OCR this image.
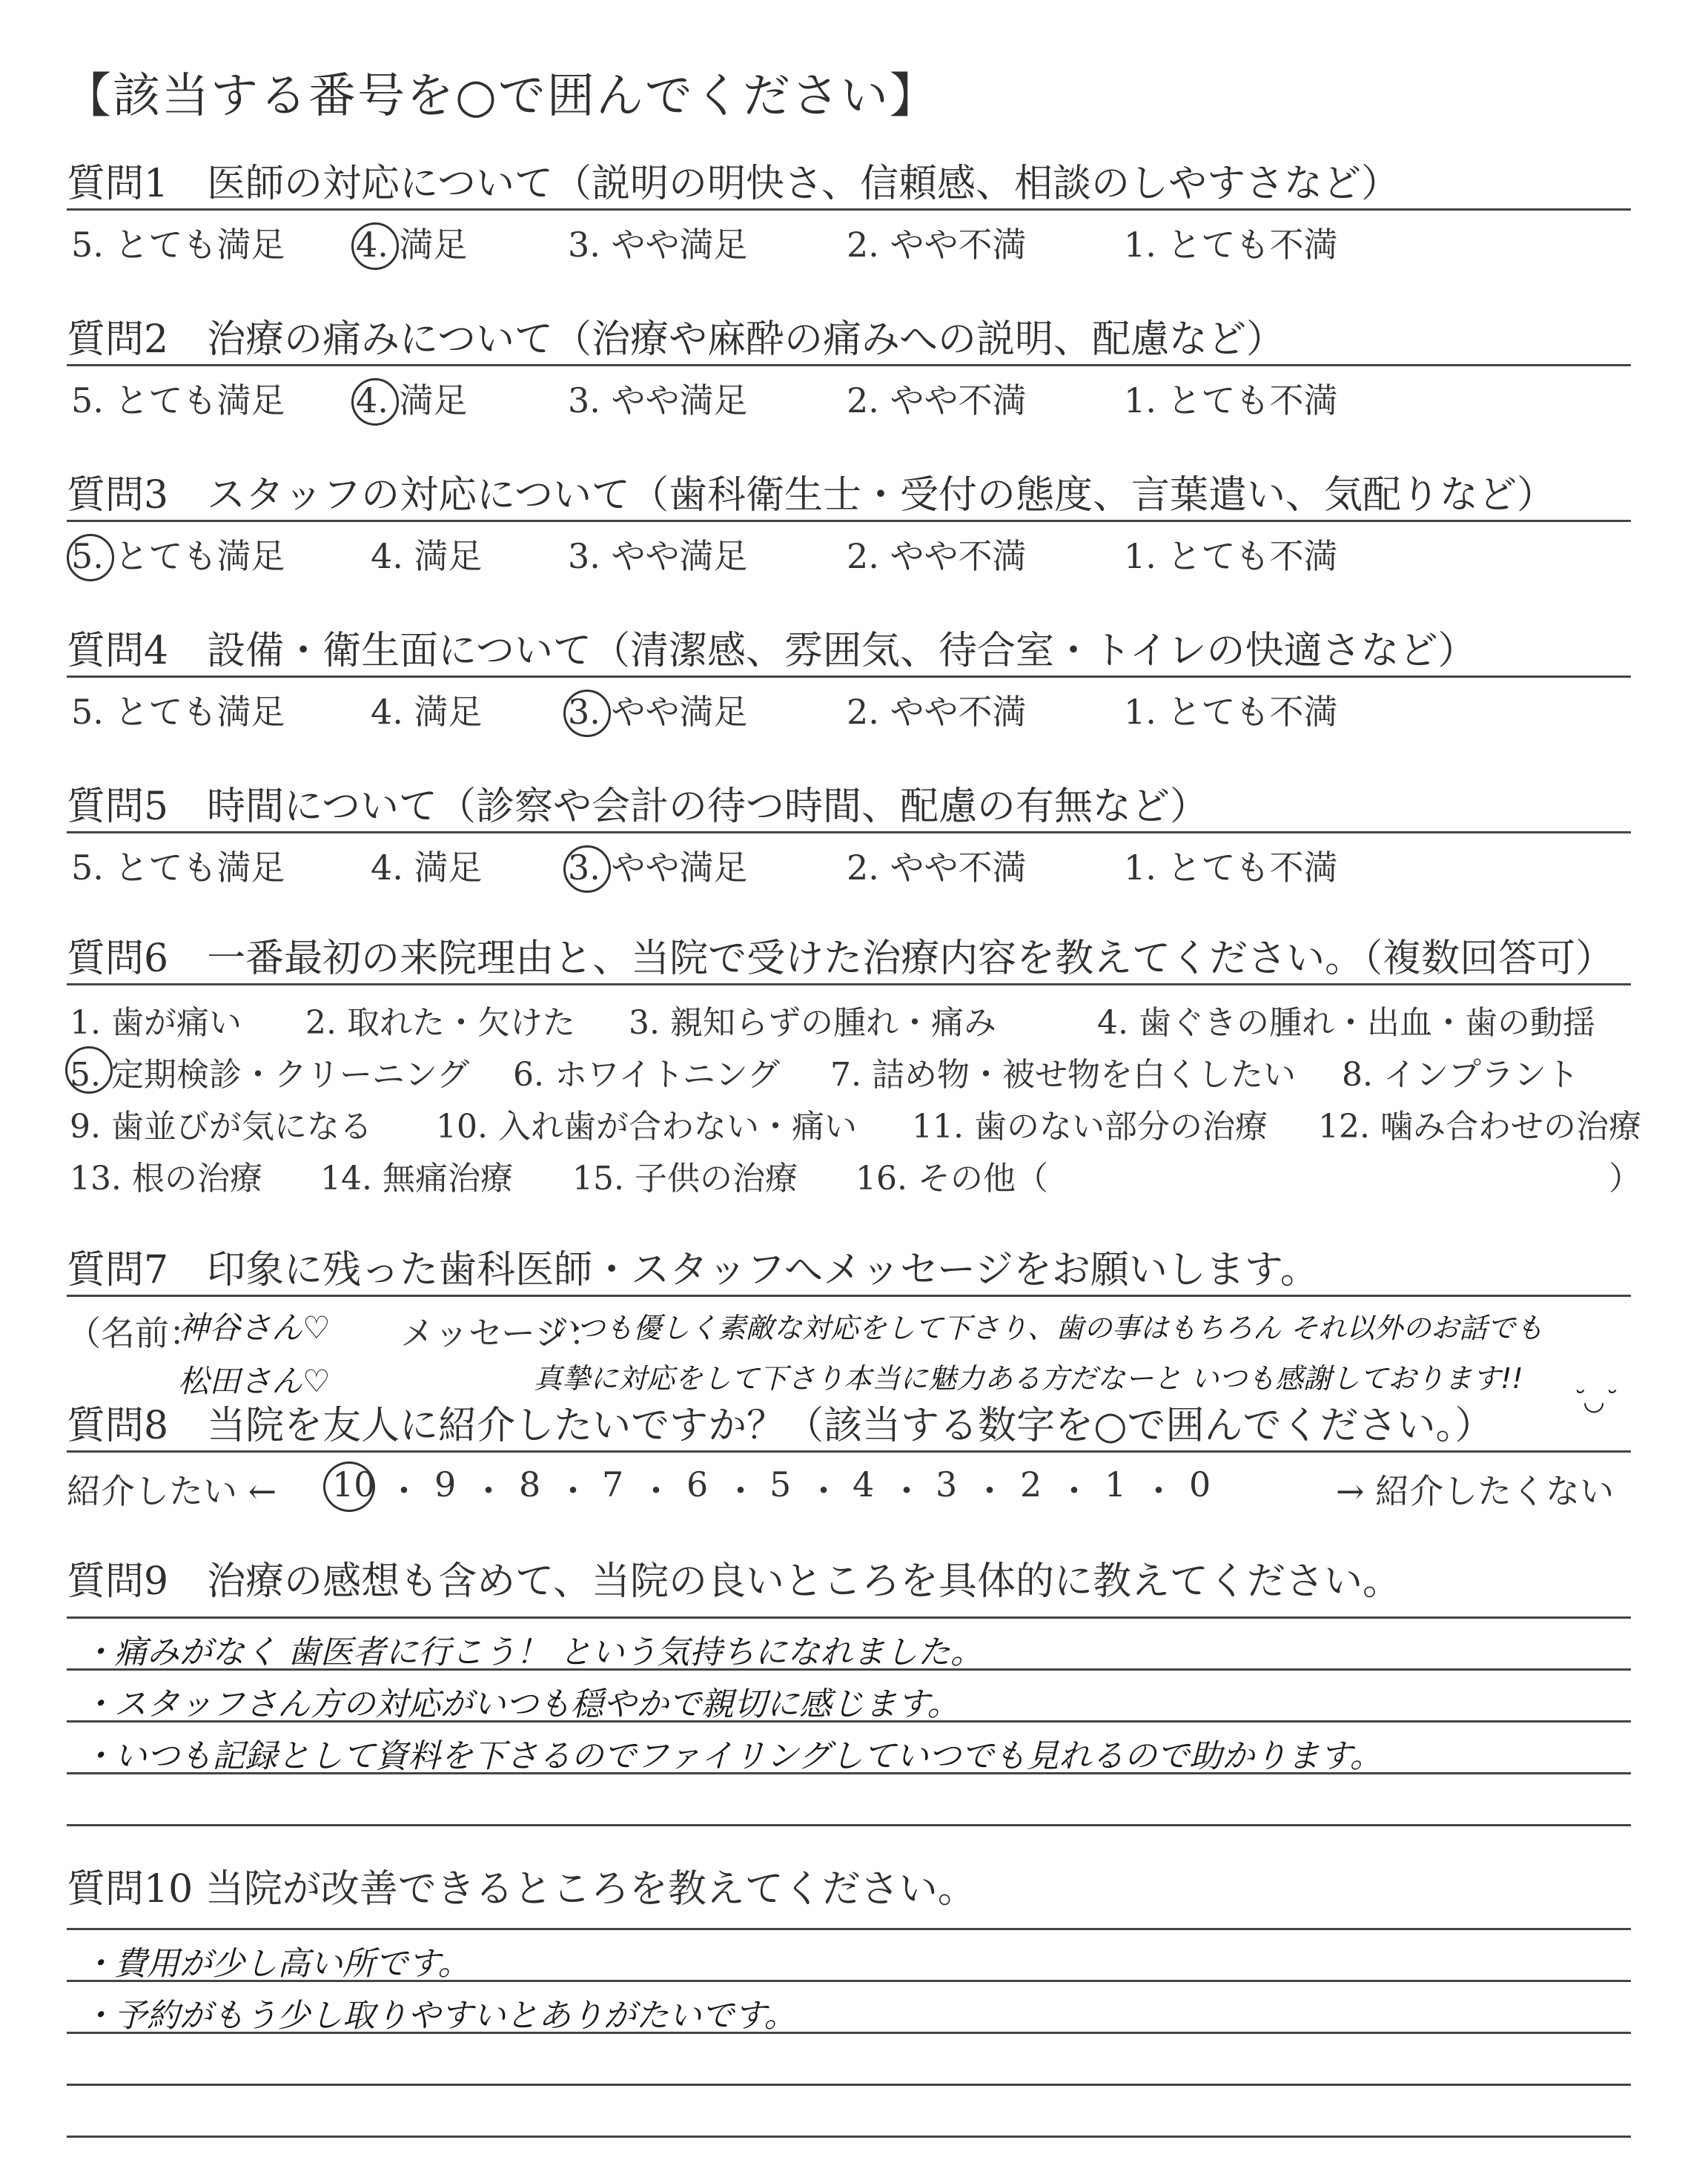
【該当する番号を○で囲んでください】
質問1　医師の対応について（説明の明快さ、信頼感、相談のしやすさなど）
5. とても満足 4. 満足	3. やや満足	2. やや不満	1. とても不満
質問2　治療の痛みについて（治療や麻酔の痛みへの説明、配慮など）
5. とても満足 4. 満足	3. やや満足	2. やや不満	1. とても不満
質問3　スタッフの対応について（歯科衛生士・受付の態度、言葉遣い、気配りなど）
5. とても満足	4. 満足	3. やや満足	2. やや不満	1. とても不満
質問4　設備・衛生面について（清潔感、雰囲気、待合室・トイレの快適さなど）
5. とても満足	4. 満足	3. やや満足	2. やや不満	1. とても不満
質問5　時間について（診察や会計の待つ時間、配慮の有無など）
5. とても満足	4. 満足	3. やや満足	2. やや不満	1. とても不満
質問6　一番最初の来院理由と、当院で受けた治療内容を教えてください。（複数回答可）
1. 歯が痛い 2. 取れた・欠けた 3. 親知らずの腫れ・痛み	4. 歯ぐきの腫れ・出血・歯の動揺
5. 定期検診・クリーニング 6. ホワイトニング 7. 詰め物・被せ物を白くしたい 8. インプラント
9. 歯並びが気になる 10. 入れ歯が合わない・痛い 11. 歯のない部分の治療 12. 噛み合わせの治療
13. 根の治療 14. 無痛治療 15. 子供の治療 16. その他（	）
質問7　印象に残った歯科医師・スタッフへメッセージをお願いします。
（名前：
神谷さん♡
松田さん♡
メッセージ：
いつも優しく素敵な対応をして下さり、歯の事はもちろん それ以外のお話でも
真摯に対応をして下さり本当に魅力ある方だなーと いつも感謝しております!!
˘◡˘
質問8　当院を友人に紹介したいですか？（該当する数字を○で囲んでください。）
紹介したい ← 10 ・ 9 ・ 8 ・ 7 ・ 6 ・ 5 ・ 4 ・ 3 ・ 2 ・ 1 ・ 0	→ 紹介したくない
質問9　治療の感想も含めて、当院の良いところを具体的に教えてください。
・痛みがなく 歯医者に行こう！ という気持ちになれました。
・スタッフさん方の対応がいつも穏やかで親切に感じます。
・いつも記録として資料を下さるのでファイリングしていつでも見れるので助かります。
質問10 当院が改善できるところを教えてください。
・費用が少し高い所です。
・予約がもう少し取りやすいとありがたいです。
